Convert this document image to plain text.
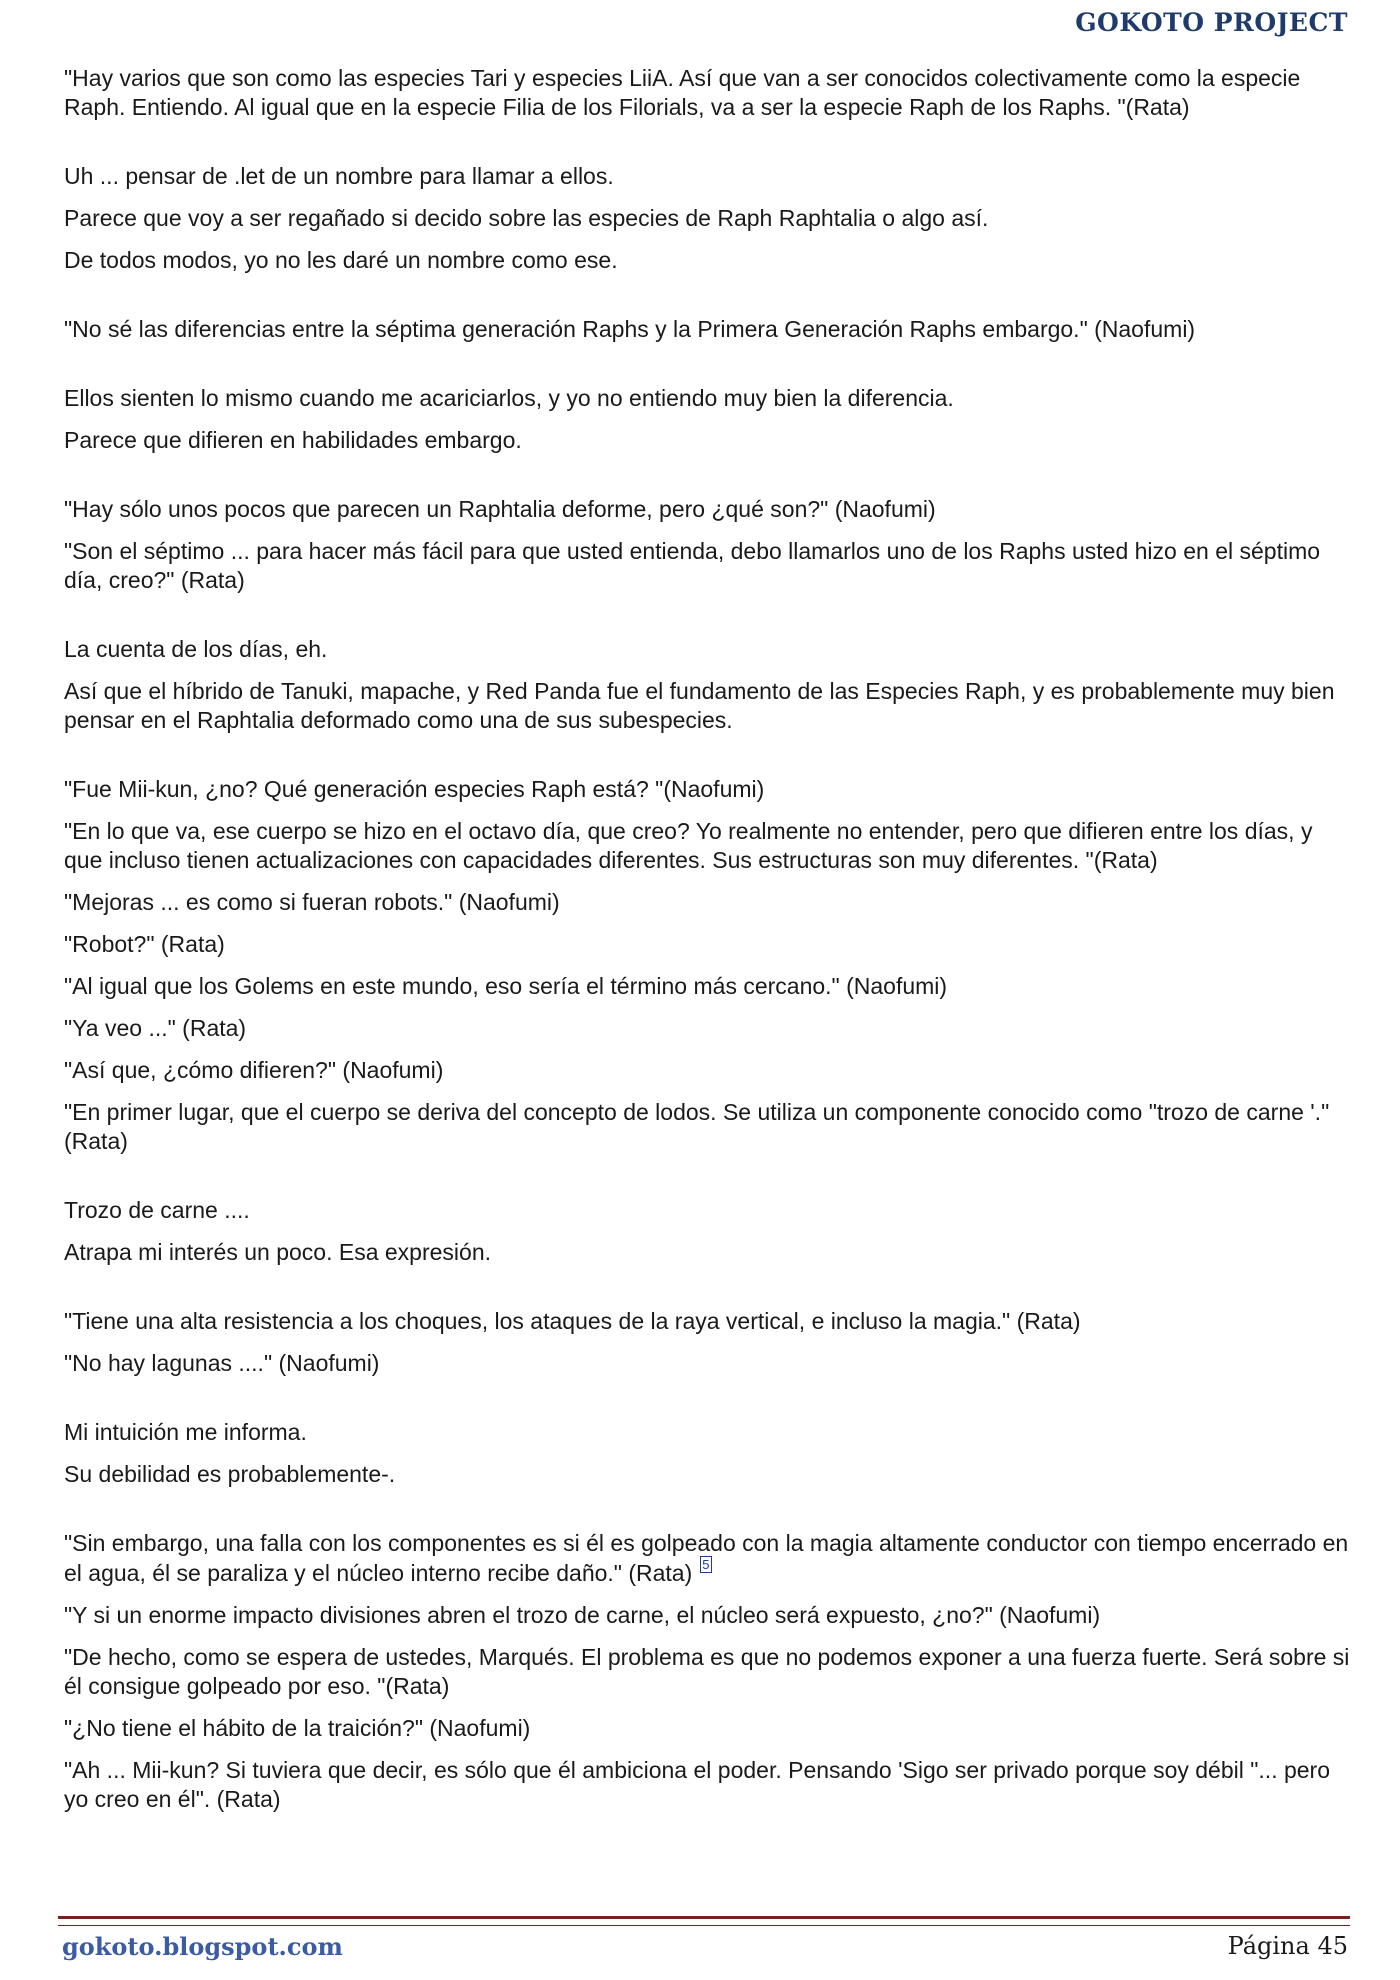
GOKOTO PROJECT

"Hay varios que son como las especies Tari y especies LiiA. Así que van a ser conocidos colectivamente como la especie Raph. Entiendo. Al igual que en la especie Filia de los Filorials, va a ser la especie Raph de los Raphs. "(Rata)

Uh ... pensar de .let de un nombre para llamar a ellos.

Parece que voy a ser regañado si decido sobre las especies de Raph Raphtalia o algo así.

De todos modos, yo no les daré un nombre como ese.

"No sé las diferencias entre la séptima generación Raphs y la Primera Generación Raphs embargo." (Naofumi)

Ellos sienten lo mismo cuando me acariciarlos, y yo no entiendo muy bien la diferencia.

Parece que difieren en habilidades embargo.

"Hay sólo unos pocos que parecen un Raphtalia deforme, pero ¿qué son?" (Naofumi)

"Son el séptimo ... para hacer más fácil para que usted entienda, debo llamarlos uno de los Raphs usted hizo en el séptimo día, creo?" (Rata)

La cuenta de los días, eh.

Así que el híbrido de Tanuki, mapache, y Red Panda fue el fundamento de las Especies Raph, y es probablemente muy bien pensar en el Raphtalia deformado como una de sus subespecies.

"Fue Mii-kun, ¿no? Qué generación especies Raph está? "(Naofumi)

"En lo que va, ese cuerpo se hizo en el octavo día, que creo? Yo realmente no entender, pero que difieren entre los días, y que incluso tienen actualizaciones con capacidades diferentes. Sus estructuras son muy diferentes. "(Rata)

"Mejoras ... es como si fueran robots." (Naofumi)

"Robot?" (Rata)

"Al igual que los Golems en este mundo, eso sería el término más cercano." (Naofumi)

"Ya veo ..." (Rata)

"Así que, ¿cómo difieren?" (Naofumi)

"En primer lugar, que el cuerpo se deriva del concepto de lodos. Se utiliza un componente conocido como "trozo de carne '." (Rata)

Trozo de carne ....

Atrapa mi interés un poco. Esa expresión.

"Tiene una alta resistencia a los choques, los ataques de la raya vertical, e incluso la magia." (Rata)

"No hay lagunas ...." (Naofumi)

Mi intuición me informa.

Su debilidad es probablemente-.

"Sin embargo, una falla con los componentes es si él es golpeado con la magia altamente conductor con tiempo encerrado en el agua, él se paraliza y el núcleo interno recibe daño." (Rata) $^5$

"Y si un enorme impacto divisiones abren el trozo de carne, el núcleo será expuesto, ¿no?" (Naofumi)

"De hecho, como se espera de ustedes, Marqués. El problema es que no podemos exponer a una fuerza fuerte. Será sobre si él consigue golpeado por eso. "(Rata)

"¿No tiene el hábito de la traición?" (Naofumi)

"Ah ... Mii-kun? Si tuviera que decir, es sólo que él ambiciona el poder. Pensando 'Sigo ser privado porque soy débil "... pero yo creo en él". (Rata)

gokoto.blogspot.com	Página 45
